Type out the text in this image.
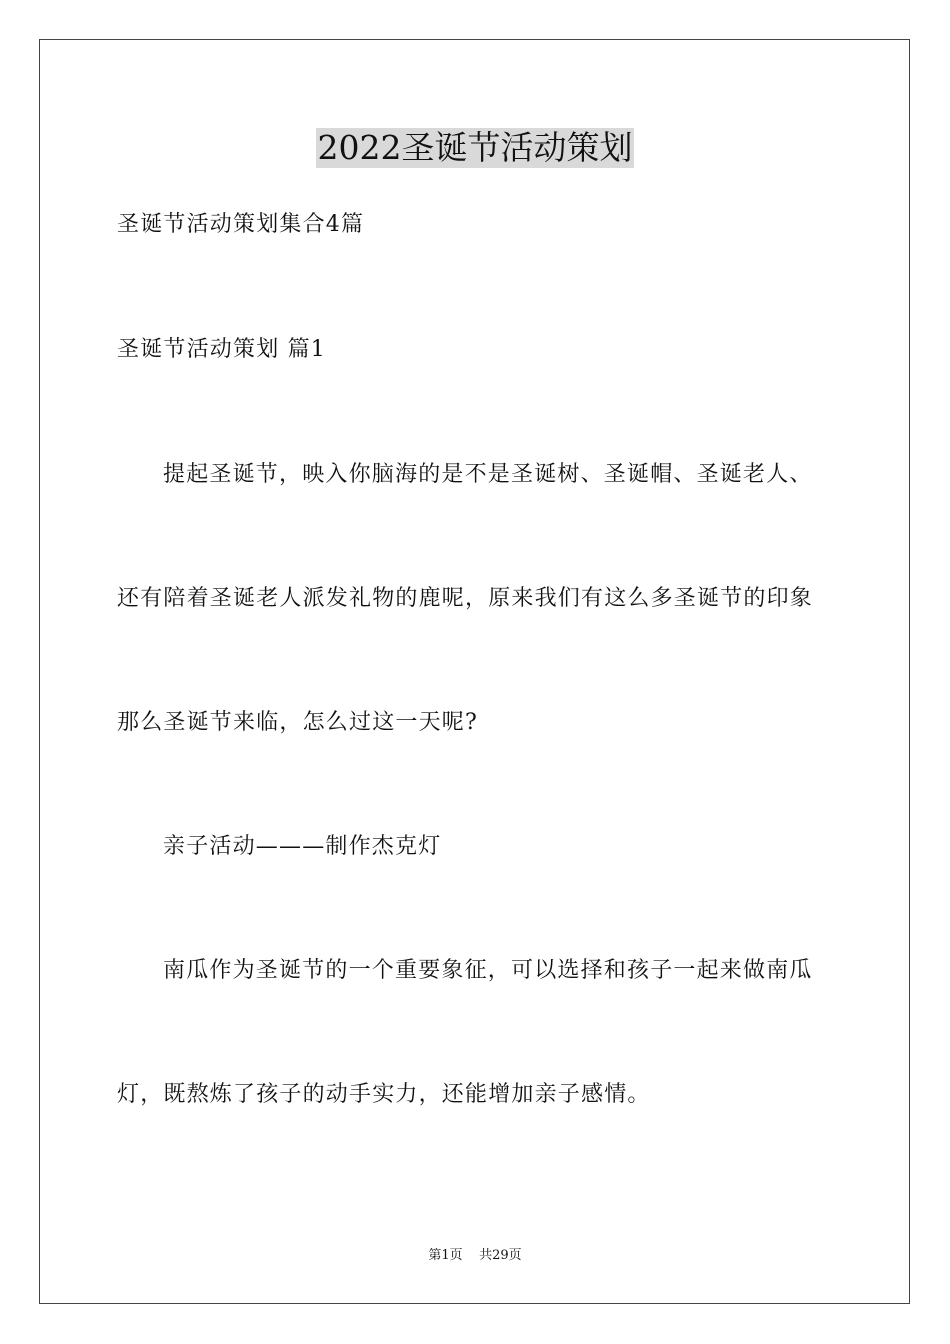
2022圣诞节活动策划
圣诞节活动策划集合4篇
圣诞节活动策划 篇1
提起圣诞节，映入你脑海的是不是圣诞树、圣诞帽、圣诞老人、
还有陪着圣诞老人派发礼物的鹿呢，原来我们有这么多圣诞节的印象
那么圣诞节来临，怎么过这一天呢?
亲子活动———制作杰克灯
南瓜作为圣诞节的一个重要象征，可以选择和孩子一起来做南瓜
灯，既熬炼了孩子的动手实力，还能增加亲子感情。
第1页 共29页
